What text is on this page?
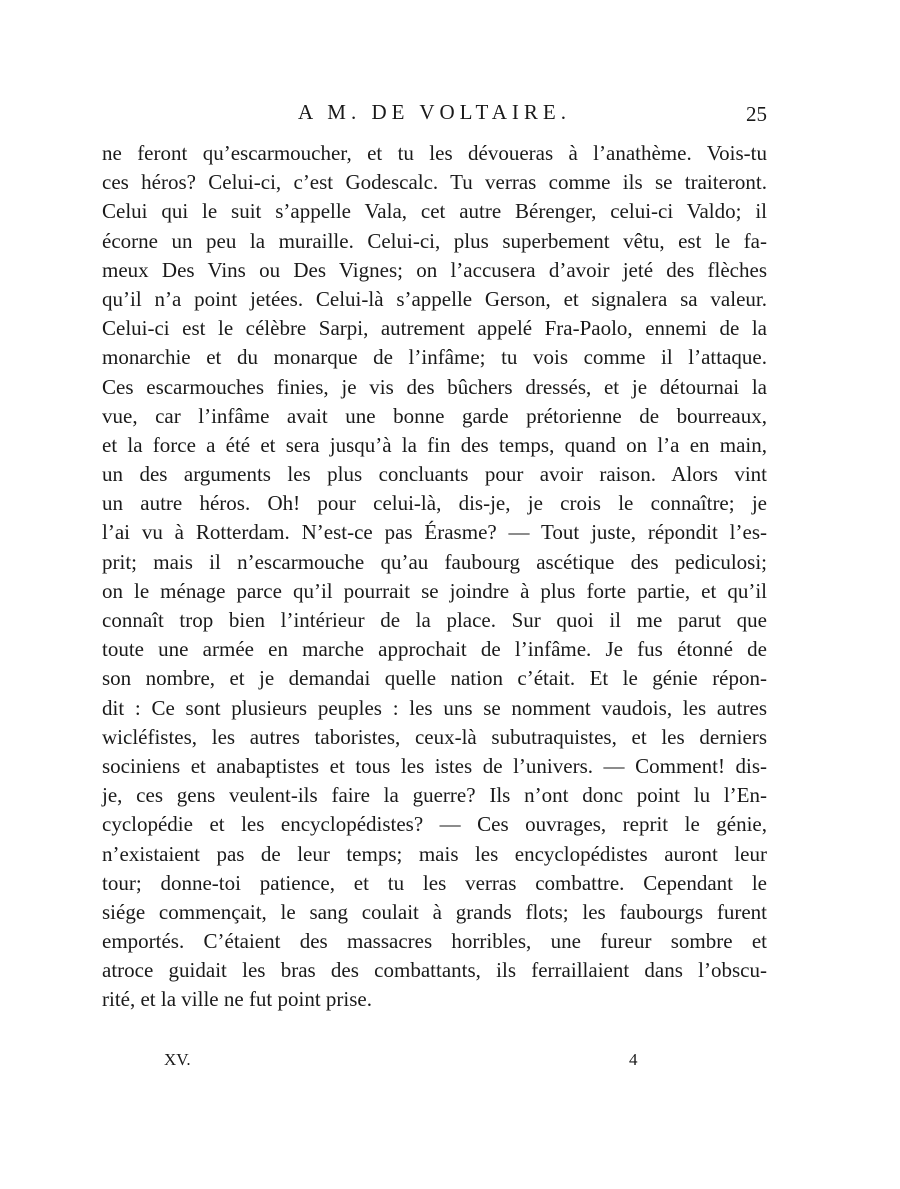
A M. DE VOLTAIRE.	25
ne feront qu’escarmoucher, et tu les dévoueras à l’anathème. Vois-tu
ces héros? Celui-ci, c’est Godescalc. Tu verras comme ils se traiteront.
Celui qui le suit s’appelle Vala, cet autre Bérenger, celui-ci Valdo; il
écorne un peu la muraille. Celui-ci, plus superbement vêtu, est le fa-
meux Des Vins ou Des Vignes; on l’accusera d’avoir jeté des flèches
qu’il n’a point jetées. Celui-là s’appelle Gerson, et signalera sa valeur.
Celui-ci est le célèbre Sarpi, autrement appelé Fra-Paolo, ennemi de la
monarchie et du monarque de l’infâme; tu vois comme il l’attaque.
Ces escarmouches finies, je vis des bûchers dressés, et je détournai la
vue, car l’infâme avait une bonne garde prétorienne de bourreaux,
et la force a été et sera jusqu’à la fin des temps, quand on l’a en main,
un des arguments les plus concluants pour avoir raison. Alors vint
un autre héros. Oh! pour celui-là, dis-je, je crois le connaître; je
l’ai vu à Rotterdam. N’est-ce pas Érasme? — Tout juste, répondit l’es-
prit; mais il n’escarmouche qu’au faubourg ascétique des pediculosi;
on le ménage parce qu’il pourrait se joindre à plus forte partie, et qu’il
connaît trop bien l’intérieur de la place. Sur quoi il me parut que
toute une armée en marche approchait de l’infâme. Je fus étonné de
son nombre, et je demandai quelle nation c’était. Et le génie répon-
dit : Ce sont plusieurs peuples : les uns se nomment vaudois, les autres
wicléfistes, les autres taboristes, ceux-là subutraquistes, et les derniers
sociniens et anabaptistes et tous les istes de l’univers. — Comment! dis-
je, ces gens veulent-ils faire la guerre? Ils n’ont donc point lu l’En-
cyclopédie et les encyclopédistes? — Ces ouvrages, reprit le génie,
n’existaient pas de leur temps; mais les encyclopédistes auront leur
tour; donne-toi patience, et tu les verras combattre. Cependant le
siége commençait, le sang coulait à grands flots; les faubourgs furent
emportés. C’étaient des massacres horribles, une fureur sombre et
atroce guidait les bras des combattants, ils ferraillaient dans l’obscu-
rité, et la ville ne fut point prise.
XV.	4
